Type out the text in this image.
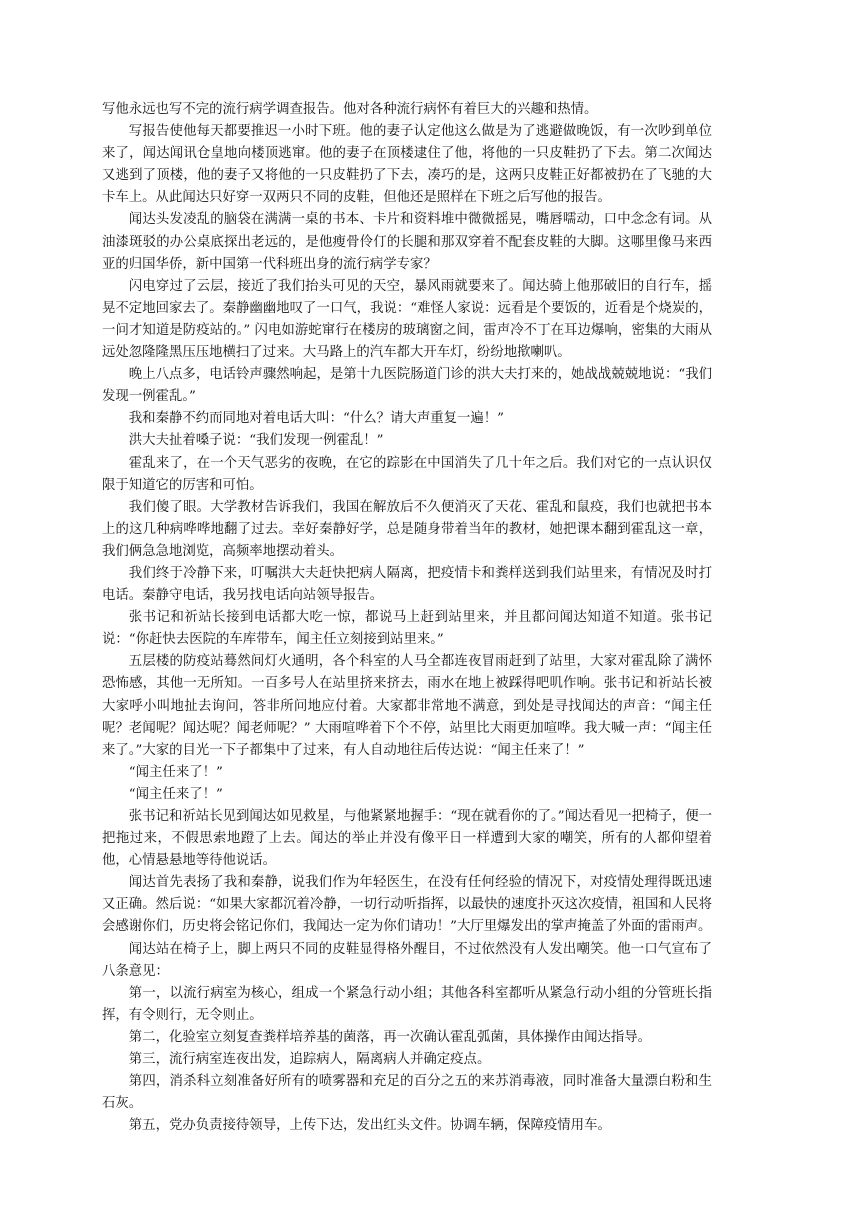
写他永远也写不完的流行病学调查报告。他对各种流行病怀有着巨大的兴趣和热情。

写报告使他每天都要推迟一小时下班。他的妻子认定他这么做是为了逃避做晚饭，有一次吵到单位来了，闻达闻讯仓皇地向楼顶逃窜。他的妻子在顶楼逮住了他，将他的一只皮鞋扔了下去。第二次闻达又逃到了顶楼，他的妻子又将他的一只皮鞋扔了下去，凑巧的是，这两只皮鞋正好都被扔在了飞驰的大卡车上。从此闻达只好穿一双两只不同的皮鞋，但他还是照样在下班之后写他的报告。

闻达头发凌乱的脑袋在满满一桌的书本、卡片和资料堆中微微摇晃，嘴唇嚅动，口中念念有词。从油漆斑驳的办公桌底探出老远的，是他瘦骨伶仃的长腿和那双穿着不配套皮鞋的大脚。这哪里像马来西亚的归国华侨，新中国第一代科班出身的流行病学专家？

闪电穿过了云层，接近了我们抬头可见的天空，暴风雨就要来了。闻达骑上他那破旧的自行车，摇晃不定地回家去了。秦静幽幽地叹了一口气，我说：“难怪人家说：远看是个要饭的，近看是个烧炭的，一问才知道是防疫站的。” 闪电如游蛇窜行在楼房的玻璃窗之间，雷声冷不丁在耳边爆响，密集的大雨从远处忽隆隆黑压压地横扫了过来。大马路上的汽车都大开车灯，纷纷地揿喇叭。

晚上八点多，电话铃声骤然响起，是第十九医院肠道门诊的洪大夫打来的，她战战兢兢地说：“我们发现一例霍乱。”

我和秦静不约而同地对着电话大叫：“什么？请大声重复一遍！”

洪大夫扯着嗓子说：“我们发现一例霍乱！”

霍乱来了，在一个天气恶劣的夜晚，在它的踪影在中国消失了几十年之后。我们对它的一点认识仅限于知道它的厉害和可怕。

我们傻了眼。大学教材告诉我们，我国在解放后不久便消灭了天花、霍乱和鼠疫，我们也就把书本上的这几种病哗哗地翻了过去。幸好秦静好学，总是随身带着当年的教材，她把课本翻到霍乱这一章，我们俩急急地浏览，高频率地摆动着头。

我们终于冷静下来，叮嘱洪大夫赶快把病人隔离，把疫情卡和粪样送到我们站里来，有情况及时打电话。秦静守电话，我另找电话向站领导报告。

张书记和祈站长接到电话都大吃一惊，都说马上赶到站里来，并且都问闻达知道不知道。张书记说：“你赶快去医院的车库带车，闻主任立刻接到站里来。”

五层楼的防疫站蓦然间灯火通明，各个科室的人马全都连夜冒雨赶到了站里，大家对霍乱除了满怀恐怖感，其他一无所知。一百多号人在站里挤来挤去，雨水在地上被踩得吧叽作响。张书记和祈站长被大家呼小叫地扯去询问，答非所问地应付着。大家都非常地不满意，到处是寻找闻达的声音：“闻主任呢？老闻呢？闻达呢？闻老师呢？” 大雨喧哗着下个不停，站里比大雨更加喧哗。我大喊一声：“闻主任来了。”大家的目光一下子都集中了过来，有人自动地往后传达说：“闻主任来了！”

“闻主任来了！”

“闻主任来了！”

张书记和祈站长见到闻达如见救星，与他紧紧地握手：“现在就看你的了。”闻达看见一把椅子，便一把拖过来，不假思索地蹬了上去。闻达的举止并没有像平日一样遭到大家的嘲笑，所有的人都仰望着他，心情悬悬地等待他说话。

闻达首先表扬了我和秦静，说我们作为年轻医生，在没有任何经验的情况下，对疫情处理得既迅速又正确。然后说：“如果大家都沉着冷静，一切行动听指挥，以最快的速度扑灭这次疫情，祖国和人民将会感谢你们，历史将会铭记你们，我闻达一定为你们请功！”大厅里爆发出的掌声掩盖了外面的雷雨声。

闻达站在椅子上，脚上两只不同的皮鞋显得格外醒目，不过依然没有人发出嘲笑。他一口气宣布了八条意见：

第一，以流行病室为核心，组成一个紧急行动小组；其他各科室都听从紧急行动小组的分管班长指挥，有令则行，无令则止。

第二，化验室立刻复查粪样培养基的菌落，再一次确认霍乱弧菌，具体操作由闻达指导。

第三，流行病室连夜出发，追踪病人，隔离病人并确定疫点。

第四，消杀科立刻准备好所有的喷雾器和充足的百分之五的来苏消毒液，同时准备大量漂白粉和生石灰。

第五，党办负责接待领导，上传下达，发出红头文件。协调车辆，保障疫情用车。
